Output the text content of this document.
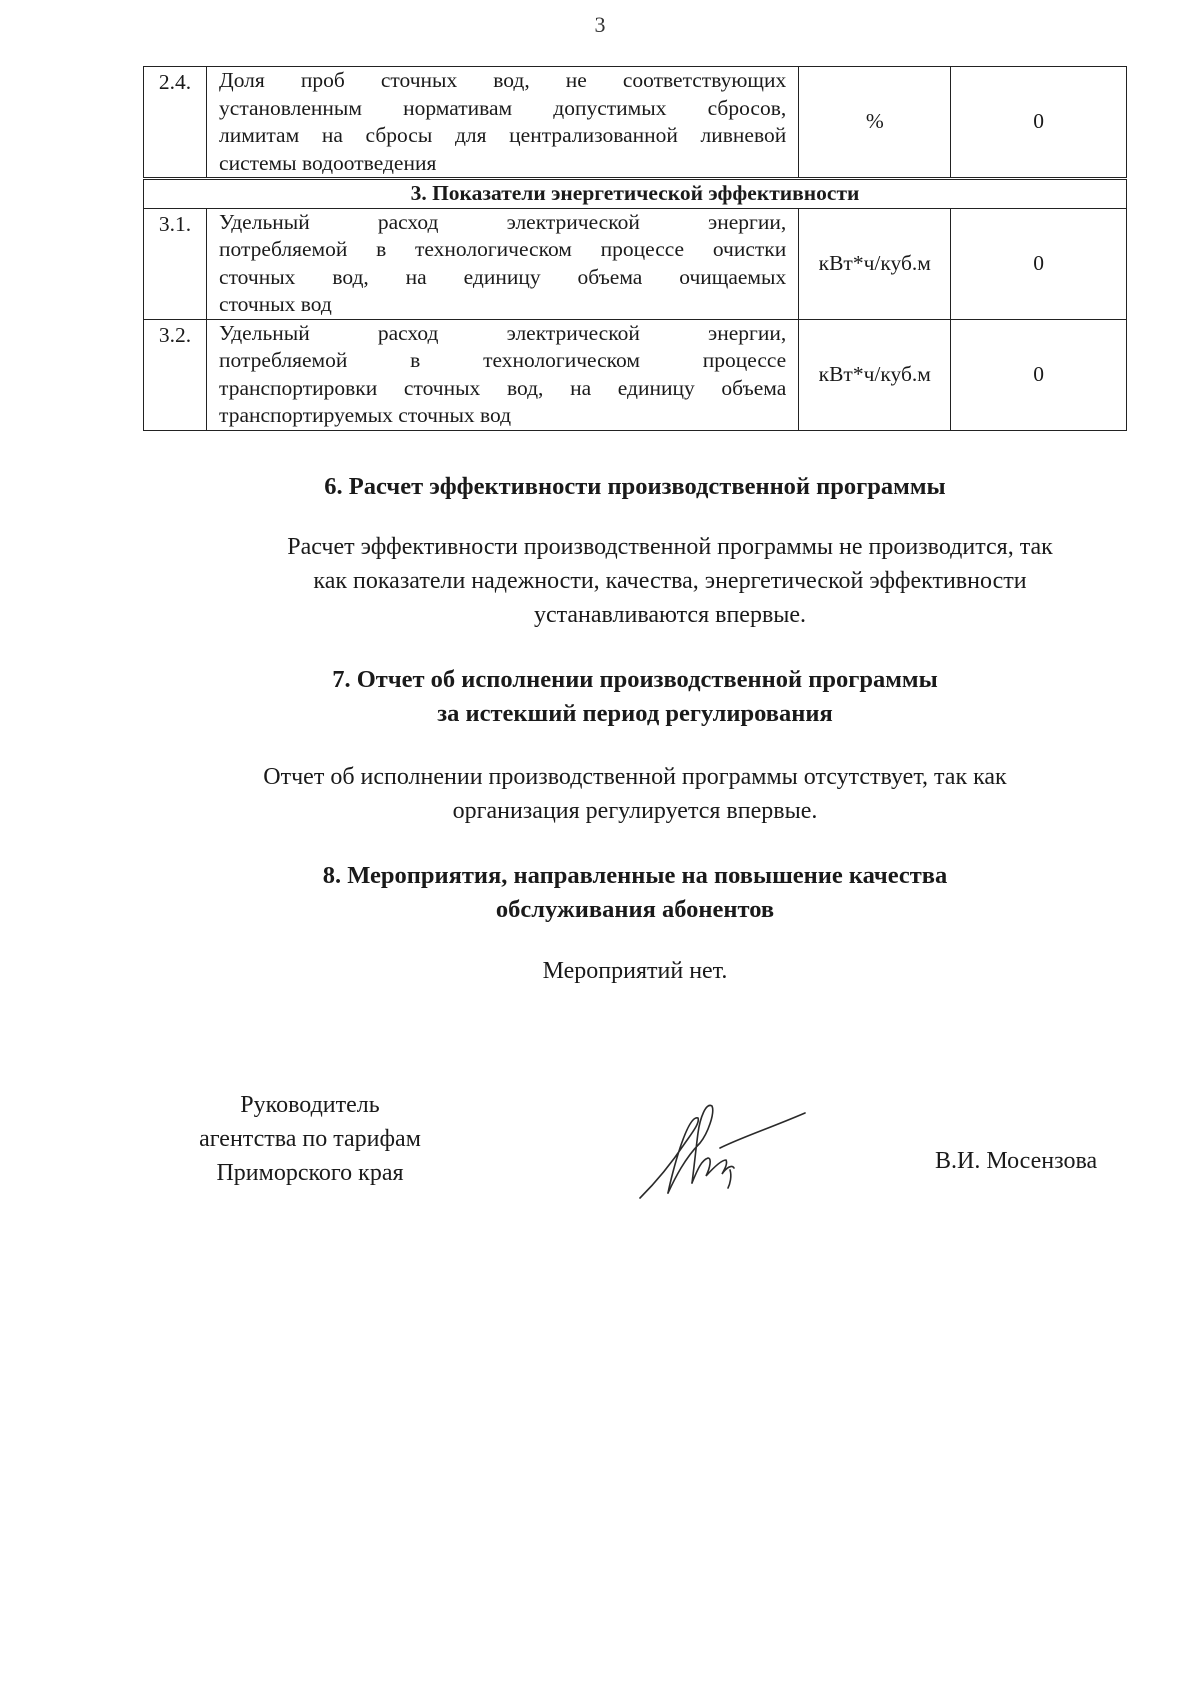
3
2.4.	Доля проб сточных вод, не соответствующих
установленным нормативам допустимых сбросов,
лимитам на сбросы для централизованной ливневой
системы водоотведения	%	0
3. Показатели энергетической эффективности			
3.1.	Удельный расход электрической энергии,
потребляемой в технологическом процессе очистки
сточных вод, на единицу объема очищаемых
сточных вод	кВт*ч/куб.м	0
3.2.	Удельный расход электрической энергии,
потребляемой в технологическом процессе
транспортировки сточных вод, на единицу объема
транспортируемых сточных вод	кВт*ч/куб.м	0
6. Расчет эффективности производственной программы
Расчет эффективности производственной программы не производится, так
как показатели надежности, качества, энергетической эффективности
устанавливаются впервые.
7. Отчет об исполнении производственной программы
за истекший период регулирования
Отчет об исполнении производственной программы отсутствует, так как
организация регулируется впервые.
8. Мероприятия, направленные на повышение качества
обслуживания абонентов
Мероприятий нет.
Руководитель
агентства по тарифам
Приморского края	В.И. Мосензова
